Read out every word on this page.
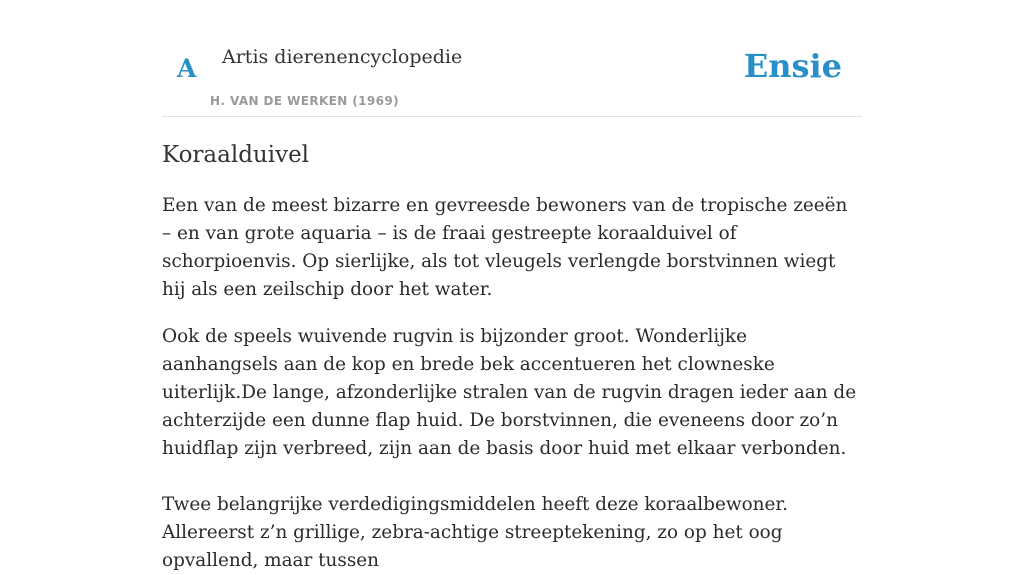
A Artis dierenencyclopedie
H. VAN DE WERKEN (1969)
Ensie
Koraalduivel

Een van de meest bizarre en gevreesde bewoners van de tropische zeeën – en van grote aquaria – is de fraai gestreepte koraalduivel of schorpioenvis. Op sierlijke, als tot vleugels verlengde borstvinnen wiegt hij als een zeilschip door het water.

Ook de speels wuivende rugvin is bijzonder groot. Wonderlijke aanhangsels aan de kop en brede bek accentueren het clowneske uiterlijk.De lange, afzonderlijke stralen van de rugvin dragen ieder aan de achterzijde een dunne flap huid. De borstvinnen, die eveneens door zo’n huidflap zijn verbreed, zijn aan de basis door huid met elkaar verbonden.

Twee belangrijke verdedigingsmiddelen heeft deze koraalbewoner. Allereerst z’n grillige, zebra-achtige streeptekening, zo op het oog opvallend, maar tussen
